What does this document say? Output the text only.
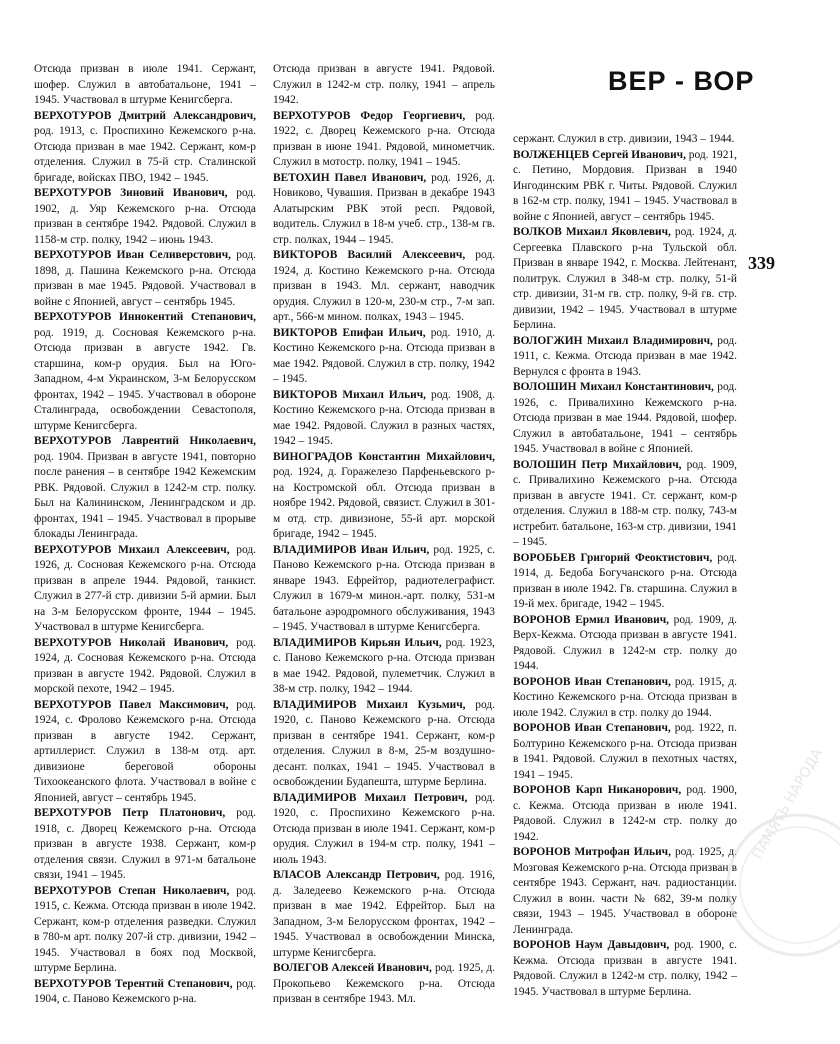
ВЕР - ВОР
339

Отсюда призван в июле 1941. Сержант, шофер. Служил в автобатальоне, 1941 – 1945. Участвовал в штурме Кенигсберга.

ВЕРХОТУРОВ Дмитрий Александрович, род. 1913, с. Проспихино Кежемского р-на. Отсюда призван в мае 1942. Сержант, ком-р отделения. Служил в 75-й стр. Сталинской бригаде, войсках ПВО, 1942 – 1945.

ВЕРХОТУРОВ Зиновий Иванович, род. 1902, д. Уяр Кежемского р-на. Отсюда призван в сентябре 1942. Рядовой. Служил в 1158-м стр. полку, 1942 – июнь 1943.

ВЕРХОТУРОВ Иван Селиверстович, род. 1898, д. Пашина Кежемского р-на. Отсюда призван в мае 1945. Рядовой. Участвовал в войне с Японией, август – сентябрь 1945.

ВЕРХОТУРОВ Иннокентий Степанович, род. 1919, д. Сосновая Кежемского р-на. Отсюда призван в августе 1942. Гв. старшина, ком-р орудия. Был на Юго-Западном, 4-м Украинском, 3-м Белорусском фронтах, 1942 – 1945. Участвовал в обороне Сталинграда, освобождении Севастополя, штурме Кенигсберга.

ВЕРХОТУРОВ Лаврентий Николаевич, род. 1904. Призван в августе 1941, повторно после ранения – в сентябре 1942 Кежемским РВК. Рядовой. Служил в 1242-м стр. полку. Был на Калининском, Ленинградском и др. фронтах, 1941 – 1945. Участвовал в прорыве блокады Ленинграда.

ВЕРХОТУРОВ Михаил Алексеевич, род. 1926, д. Сосновая Кежемского р-на. Отсюда призван в апреле 1944. Рядовой, танкист. Служил в 277-й стр. дивизии 5-й армии. Был на 3-м Белорусском фронте, 1944 – 1945. Участвовал в штурме Кенигсберга.

ВЕРХОТУРОВ Николай Иванович, род. 1924, д. Сосновая Кежемского р-на. Отсюда призван в августе 1942. Рядовой. Служил в морской пехоте, 1942 – 1945.

ВЕРХОТУРОВ Павел Максимович, род. 1924, с. Фролово Кежемского р-на. Отсюда призван в августе 1942. Сержант, артиллерист. Служил в 138-м отд. арт. дивизионе береговой обороны Тихоокеанского флота. Участвовал в войне с Японией, август – сентябрь 1945.

ВЕРХОТУРОВ Петр Платонович, род. 1918, с. Дворец Кежемского р-на. Отсюда призван в августе 1938. Сержант, ком-р отделения связи. Служил в 971-м батальоне связи, 1941 – 1945.

ВЕРХОТУРОВ Степан Николаевич, род. 1915, с. Кежма. Отсюда призван в июле 1942. Сержант, ком-р отделения разведки. Служил в 780-м арт. полку 207-й стр. дивизии, 1942 – 1945. Участвовал в боях под Москвой, штурме Берлина.

ВЕРХОТУРОВ Терентий Степанович, род. 1904, с. Паново Кежемского р-на.

Отсюда призван в августе 1941. Рядовой. Служил в 1242-м стр. полку, 1941 – апрель 1942.

ВЕРХОТУРОВ Федор Георгиевич, род. 1922, с. Дворец Кежемского р-на. Отсюда призван в июне 1941. Рядовой, минометчик. Служил в мотостр. полку, 1941 – 1945.

ВЕТОХИН Павел Иванович, род. 1926, д. Новиково, Чувашия. Призван в декабре 1943 Алатырским РВК этой респ. Рядовой, водитель. Служил в 18-м учеб. стр., 138-м гв. стр. полках, 1944 – 1945.

ВИКТОРОВ Василий Алексеевич, род. 1924, д. Костино Кежемского р-на. Отсюда призван в 1943. Мл. сержант, наводчик орудия. Служил в 120-м, 230-м стр., 7-м зап. арт., 566-м мином. полках, 1943 – 1945.

ВИКТОРОВ Епифан Ильич, род. 1910, д. Костино Кежемского р-на. Отсюда призван в мае 1942. Рядовой. Служил в стр. полку, 1942 – 1945.

ВИКТОРОВ Михаил Ильич, род. 1908, д. Костино Кежемского р-на. Отсюда призван в мае 1942. Рядовой. Служил в разных частях, 1942 – 1945.

ВИНОГРАДОВ Константин Михайлович, род. 1924, д. Горажелезо Парфеньевского р-на Костромской обл. Отсюда призван в ноябре 1942. Рядовой, связист. Служил в 301-м отд. стр. дивизионе, 55-й арт. морской бригаде, 1942 – 1945.

ВЛАДИМИРОВ Иван Ильич, род. 1925, с. Паново Кежемского р-на. Отсюда призван в январе 1943. Ефрейтор, радиотелеграфист. Служил в 1679-м минон.-арт. полку, 531-м батальоне аэродромного обслуживания, 1943 – 1945. Участвовал в штурме Кенигсберга.

ВЛАДИМИРОВ Кирьян Ильич, род. 1923, с. Паново Кежемского р-на. Отсюда призван в мае 1942. Рядовой, пулеметчик. Служил в 38-м стр. полку, 1942 – 1944.

ВЛАДИМИРОВ Михаил Кузьмич, род. 1920, с. Паново Кежемского р-на. Отсюда призван в сентябре 1941. Сержант, ком-р отделения. Служил в 8-м, 25-м воздушно-десант. полках, 1941 – 1945. Участвовал в освобождении Будапешта, штурме Берлина.

ВЛАДИМИРОВ Михаил Петрович, род. 1920, с. Проспихино Кежемского р-на. Отсюда призван в июле 1941. Сержант, ком-р орудия. Служил в 194-м стр. полку, 1941 – июль 1943.

ВЛАСОВ Александр Петрович, род. 1916, д. Заледеево Кежемского р-на. Отсюда призван в мае 1942. Ефрейтор. Был на Западном, 3-м Белорусском фронтах, 1942 – 1945. Участвовал в освобождении Минска, штурме Кенигсберга.

ВОЛЕГОВ Алексей Иванович, род. 1925, д. Прокопьево Кежемского р-на. Отсюда призван в сентябре 1943. Мл.

сержант. Служил в стр. дивизии, 1943 – 1944.

ВОЛЖЕНЦЕВ Сергей Иванович, род. 1921, с. Петино, Мордовия. Призван в 1940 Ингодинским РВК г. Читы. Рядовой. Служил в 162-м стр. полку, 1941 – 1945. Участвовал в войне с Японией, август – сентябрь 1945.

ВОЛКОВ Михаил Яковлевич, род. 1924, д. Сергеевка Плавского р-на Тульской обл. Призван в январе 1942, г. Москва. Лейтенант, политрук. Служил в 348-м стр. полку, 51-й стр. дивизии, 31-м гв. стр. полку, 9-й гв. стр. дивизии, 1942 – 1945. Участвовал в штурме Берлина.

ВОЛОГЖИН Михаил Владимирович, род. 1911, с. Кежма. Отсюда призван в мае 1942. Вернулся с фронта в 1943.

ВОЛОШИН Михаил Константинович, род. 1926, с. Привалихино Кежемского р-на. Отсюда призван в мае 1944. Рядовой, шофер. Служил в автобатальоне, 1941 – сентябрь 1945. Участвовал в войне с Японией.

ВОЛОШИН Петр Михайлович, род. 1909, с. Привалихино Кежемского р-на. Отсюда призван в августе 1941. Ст. сержант, ком-р отделения. Служил в 188-м стр. полку, 743-м истребит. батальоне, 163-м стр. дивизии, 1941 – 1945.

ВОРОБЬЕВ Григорий Феоктистович, род. 1914, д. Бедоба Богучанского р-на. Отсюда призван в июле 1942. Гв. старшина. Служил в 19-й мех. бригаде, 1942 – 1945.

ВОРОНОВ Ермил Иванович, род. 1909, д. Верх-Кежма. Отсюда призван в августе 1941. Рядовой. Служил в 1242-м стр. полку до 1944.

ВОРОНОВ Иван Степанович, род. 1915, д. Костино Кежемского р-на. Отсюда призван в июле 1942. Служил в стр. полку до 1944.

ВОРОНОВ Иван Степанович, род. 1922, п. Болтурино Кежемского р-на. Отсюда призван в 1941. Рядовой. Служил в пехотных частях, 1941 – 1945.

ВОРОНОВ Карп Никанорович, род. 1900, с. Кежма. Отсюда призван в июле 1941. Рядовой. Служил в 1242-м стр. полку до 1942.

ВОРОНОВ Митрофан Ильич, род. 1925, д. Мозговая Кежемского р-на. Отсюда призван в сентябре 1943. Сержант, нач. радиостанции. Служил в воин. части № 682, 39-м полку связи, 1943 – 1945. Участвовал в обороне Ленинграда.

ВОРОНОВ Наум Давыдович, род. 1900, с. Кежма. Отсюда призван в августе 1941. Рядовой. Служил в 1242-м стр. полку, 1942 – 1945. Участвовал в штурме Берлина.

ПАМЯТЬ НАРОДА
